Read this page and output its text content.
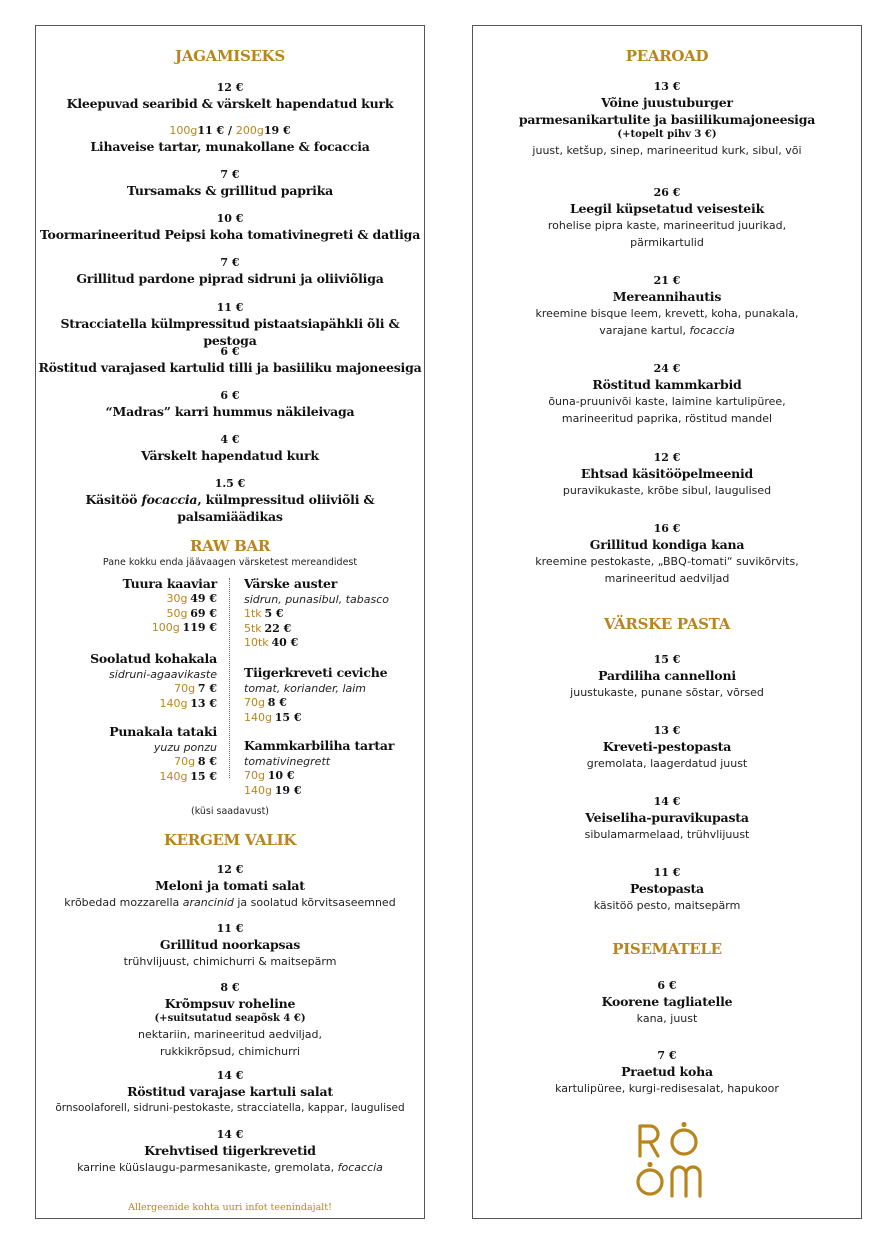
JAGAMISEKS
12 €
Kleepuvad searibid & värskelt hapendatud kurk
100g11 € / 200g19 €
Lihaveise tartar, munakollane & focaccia
7 €
Tursamaks & grillitud paprika
10 €
Toormarineeritud Peipsi koha tomativinegreti & datliga
7 €
Grillitud pardone piprad sidruni ja oliiviõliga
11 €
Stracciatella külmpressitud pistaatsiapähkli õli & pestoga
6 €
Röstitud varajased kartulid tilli ja basiiliku majoneesiga
6 €
“Madras” karri hummus näkileivaga
4 €
Värskelt hapendatud kurk
1.5 €
Käsitöö focaccia, külmpressitud oliiviõli & palsamiäädikas
RAW BAR
Pane kokku enda jäävaagen värsketest mereandidest
Tuura kaaviar
30g 49 €
50g 69 €
100g 119 €
Soolatud kohakala
sidruni-agaavikaste
70g 7 €
140g 13 €
Punakala tataki
yuzu ponzu
70g 8 €
140g 15 €
Värske auster
sidrun, punasibul, tabasco
1tk 5 €
5tk 22 €
10tk 40 €
Tiigerkreveti ceviche
tomat, koriander, laim
70g 8 €
140g 15 €
Kammkarbiliha tartar
tomativinegrett
70g 10 €
140g 19 €
(küsi saadavust)
KERGEM VALIK
12 €
Meloni ja tomati salat
krõbedad mozzarella arancinid ja soolatud kõrvitsaseemned
11 €
Grillitud noorkapsas
trühvlijuust, chimichurri & maitsepärm
8 €
Krõmpsuv roheline
(+suitsutatud seapõsk 4 €)
nektariin, marineeritud aedviljad,
rukkikrõpsud, chimichurri
14 €
Röstitud varajase kartuli salat
õrnsoolaforell, sidruni-pestokaste, stracciatella, kappar, laugulised
14 €
Krehvtised tiigerkrevetid
karrine küüslaugu-parmesanikaste, gremolata, focaccia
Allergeenide kohta uuri infot teenindajalt!
PEAROAD
13 €
Võine juustuburger
parmesanikartulite ja basiilikumajoneesiga
(+topelt pihv 3 €)
juust, ketšup, sinep, marineeritud kurk, sibul, või
26 €
Leegil küpsetatud veisesteik
rohelise pipra kaste, marineeritud juurikad,
pärmikartulid
21 €
Mereannihautis
kreemine bisque leem, krevett, koha, punakala,
varajane kartul, focaccia
24 €
Röstitud kammkarbid
õuna-pruunivõi kaste, laimine kartulipüree,
marineeritud paprika, röstitud mandel
12 €
Ehtsad käsitööpelmeenid
puravikukaste, krõbe sibul, laugulised
16 €
Grillitud kondiga kana
kreemine pestokaste, „BBQ-tomati“ suvikõrvits,
marineeritud aedviljad
VÄRSKE PASTA
15 €
Pardiliha cannelloni
juustukaste, punane sõstar, võrsed
13 €
Kreveti-pestopasta
gremolata, laagerdatud juust
14 €
Veiseliha-puravikupasta
sibulamarmelaad, trühvlijuust
11 €
Pestopasta
käsitöö pesto, maitsepärm
PISEMATELE
6 €
Koorene tagliatelle
kana, juust
7 €
Praetud koha
kartulipüree, kurgi-redisesalat, hapukoor
